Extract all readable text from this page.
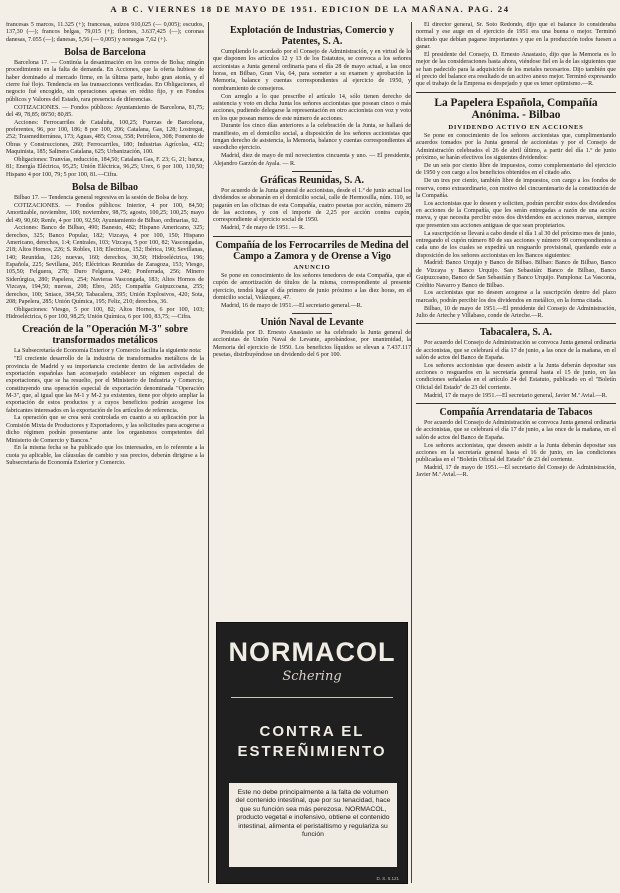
A B C. VIERNES 18 DE MAYO DE 1951. EDICION DE LA MAÑANA. PAG. 24

francesas 5 marcos, 11.325 (+); francesas, suizos 910,025 (— 0,005); escudos, 137,30 (—); francos belgas, 79,015 (+); florines, 3.637,425 (—); coronas danesas, 7.055 (—); danesas, 5,56 (— 0,005) y noruegas 7,62 (+).

Bolsa de Barcelona

Barcelona 17. — Continúa la desanimación en los corros de Bolsa; ningún procedimiento en la falta de demanda. En Acciones, que la oferta hubiese de haber dominado al mercado firme, en la última parte, hubo gran atonía, y el cierre fué flojo. Tendencia en las transacciones verificadas. En Obligaciones, el negocio fué encogido, sin operaciones apenas en rédito fijo, y en Fondos públicos y Valores del Estado, rara presencia de diferencias.

COTIZACIONES. — Fondos públicos: Ayuntamiento de Barcelona, 81,75; del 49, 78,85; 86'50; 80,85.

Acciones: Ferrocarriles de Cataluña, 100,25; Fuerzas de Barcelona, preferentes, 96, por 100, 186; 8 por 100, 206; Catalana, Gas, 128; Lostregat, 252; Trasmediterránea, 173; Aguas, 485; Cross, 558; Petróleos, 308; Fomento de Obras y Construcciones, 260; Ferrocarriles, 180; Industrias Agrícolas, 432; Maquinista, 185; Salinera Catalana, 625; Urbanización, 100.

Obligaciones: Tranvías, reducción, 184,50; Catalana Gas, F. 23; G, 21; banca, 81; Energía Eléctrica, 95,25; Unión Eléctrica, 96,25; Urex, 6 por 100, 110,50; Hispano 4 por 100, 79; 5 por 100, 81.—Cifra.

Bolsa de Bilbao

Bilbao 17. — Tendencia general regresiva en la sesión de Bolsa de hoy.

COTIZACIONES. — Fondos públicos: Interior, 4 por 100, 84,50; Amortizable, noviembre, 100; noviembre, 98,75; agosto, 100,25; 100,25; mayo del 49, 90,60; Renfe, 4 por 100, 92,50; Ayuntamiento de Bilbao, ordinarias, 92.

Acciones: Banco de Bilbao, 490; Banesto, 482; Hispano Americano, 325; derechos, 325; Banco Popular, 182; Vizcaya, 4 por 100, 150; Hispano Americano, derechos, 1:4; Centrales, 103; Vizcaya, 5 por 100, 82; Vascongadas, 218; Altos Hornos, 226; S. Robles, 118; Electricas, 152; Ibérica, 190; Sevillanas, 140; Reunidas, 126; nuevas, 160; derechos, 30,50; Hidroeléctrica, 196; Española, 225; Sevillana, 265; Eléctricas Reunidas de Zaragoza, 153; Viesgo, 105,50; Felguera, 278; Duro Felguera, 240; Ponferrada, 256; Minero Siderúrgica, 280; Papelera, 254; Navieras Vascongada, 183; Altos Hornos de Vizcaya, 194,50; nuevas, 208; Ebro, 265; Compañía Guipuzcoana, 255; derechos, 100; Sniace, 384,50; Tabacalera, 395; Unión Explosivos, 420; Sota, 208; Papelera, 285; Unión Química, 195; Feliz, 210; derechos, 36.

Obligaciones: Viesgo, 5 por 100, 82; Altos Hornos, 6 por 100, 103; Hidroeléctrica, 6 por 100, 98,25; Unión Química, 6 por 100, 83,75; —Cifra.

Creación de la "Operación M-3" sobre transformados metálicos

La Subsecretaría de Economía Exterior y Comercio facilita la siguiente nota:

"El creciente desarrollo de la industria de transformados metálicos de la provincia de Madrid y su importancia creciente dentro de las actividades de exportación españolas han aconsejado establecer un régimen especial de exportaciones, que se ha resuelto, por el Ministerio de Industria y Comercio, constituyendo una operación especial de exportación denominada "Operación M-3", que, al igual que las M-1 y M-2 ya existentes, tiene por objeto ampliar la exportación de estos productos y a cuyos beneficios podrán acogerse los fabricantes interesados en la exportación de los artículos de referencia.

La operación que se crea será controlada en cuanto a su aplicación por la Comisión Mixta de Productores y Exportadores, y las solicitudes para acogerse a dicho régimen podrán presentarse ante los organismos competentes del Ministerio de Comercio y Bancos."

En la misma fecha se ha publicado que los interesados, en lo referente a la cuota ya aplicable, las cláusulas de cambio y sus precios, deberán dirigirse a la Subsecretaría de Economía Exterior y Comercio.

Explotación de Industrias, Comercio y Patentes, S. A.

Cumpliendo lo acordado por el Consejo de Administración, y en virtud de lo que disponen los artículos 12 y 13 de los Estatutos, se convoca a los señores accionistas a Junta general ordinaria para el día 28 de mayo actual, a las once horas, en Bilbao, Gran Vía, 64, para someter a su examen y aprobación la Memoria, balance y cuentas correspondientes al ejercicio de 1950, y nombramiento de consejeros.

Con arreglo a lo que prescribe el artículo 14, sólo tienen derecho de asistencia y voto en dicha Junta los señores accionistas que posean cinco o más acciones, pudiendo delegarse la representación en otro accionista con voz y voto en los que posean menos de este número de acciones.

Durante los cinco días anteriores a la celebración de la Junta, se hallará de manifiesto, en el domicilio social, a disposición de los señores accionistas que tengan derecho de asistencia, la Memoria, balance y cuentas correspondientes al susodicho ejercicio.

Madrid, diez de mayo de mil novecientos cincuenta y uno. — El presidente, Alejandro Garzón de Ayala. — R.

Gráficas Reunidas, S. A.

Por acuerdo de la Junta general de accionistas, desde el 1.º de junio actual los dividendos se abonarán en el domicilio social, calle de Hermosilla, núm. 110, se pagarán en las oficinas de esta Compañía, cuatro pesetas por acción, número 28 de las acciones, y con el importe de 2,25 por acción contra cupón, correspondiente al ejercicio social de 1950.

Madrid, 7 de mayo de 1951. — R.

Compañía de los Ferrocarriles de Medina del Campo a Zamora y de Orense a Vigo
ANUNCIO

Se pone en conocimiento de los señores tenedores de esta Compañía, que el cupón de amortización de títulos de la misma, correspondiente al presente ejercicio, tendrá lugar el día primero de junio próximo a las diez horas, en el domicilio social, Velázquez, 47.

Madrid, 16 de mayo de 1951.—El secretario general.—R.

Unión Naval de Levante

Presidida por D. Ernesto Anastasio se ha celebrado la Junta general de accionistas de Unión Naval de Levante, aprobándose, por unanimidad, la Memoria del ejercicio de 1950. Los beneficios líquidos se elevan a 7.437.117 pesetas, distribuyéndose un dividendo del 6 por 100.

NORMACOL
Schering
CONTRA EL
ESTREÑIMIENTO
Este no debe principalmente a la falta de volumen del contenido intestinal, que por su tenacidad, hace que su función sea más perezosa. NORMACOL, producto vegetal e inofensivo, obtiene el contenido intestinal, alimenta el peristaltismo y regulariza su función
D. S. 5.121

El director general, Sr. Soto Redondo, dijo que el balance lo consideraba normal y ese auge en el ejercicio de 1951 era una buena o mejor. Terminó diciendo que debían pagarse importantes y que en la producción todos fuesen a ganar.

El presidente del Consejo, D. Ernesto Anastasio, dijo que la Memoria es lo mejor de las consideraciones hasta ahora, viéndose fiel en la de las siguientes que se han padecido para la adquisición de los metales necesarios. Dijo también que el precio del balance era resultado de un activo anexo mejor. Terminó expresando que el trabajo de la Empresa es despejado y que es tener optimismo.—R.

La Papelera Española, Compañía Anónima. - Bilbao
DIVIDENDO ACTIVO EN ACCIONES

Se pone en conocimiento de los señores accionistas que, cumplimentando acuerdos tomados por la Junta general de accionistas y por el Consejo de Administración celebrados el 26 de abril último, a partir del día 1.º de junio próximo, se harán efectivos los siguientes dividendos:

De un seis por ciento libre de impuestos, como complementario del ejercicio de 1950 y con cargo a los beneficios obtenidos en el citado año.

De un tres por ciento, también libre de impuestos, con cargo a los fondos de reserva, como extraordinario, con motivo del cincuentenario de la constitución de la Compañía.

Los accionistas que lo deseen y soliciten, podrán percibir estos dos dividendos en acciones de la Compañía, que les serán entregadas a razón de una acción nueva, y que necesita percibir estos dos dividendos en acciones nuevas, siempre que presenten sus acciones antiguas de que sean propietarios.

La suscripción se llevará a cabo desde el día 1 al 30 del próximo mes de junio, entregando el cupón número 80 de sus acciones y número 99 correspondientes a cada uno de los cuales se expedirá un resguardo provisional, quedando este a disposición de los señores accionistas en los Bancos siguientes:

Madrid: Banco Urquijo y Banco de Bilbao. Bilbao: Banco de Bilbao, Banco de Vizcaya y Banco Urquijo. San Sebastián: Banco de Bilbao, Banco Guipuzcoano, Banco de San Sebastián y Banco Urquijo. Pamplona: La Vasconia, Crédito Navarro y Banco de Bilbao.

Los accionistas que no deseen acogerse a la suscripción dentro del plazo marcado, podrán percibir los dos dividendos en metálico, en la forma citada.

Bilbao, 10 de mayo de 1951.—El presidente del Consejo de Administración, Julio de Arteche y Villabaso, conde de Arteche.—R.

Tabacalera, S. A.

Por acuerdo del Consejo de Administración se convoca Junta general ordinaria de accionistas, que se celebrará el día 17 de junio, a las once de la mañana, en el salón de actos del Banco de España.

Los señores accionistas que deseen asistir a la Junta deberán depositar sus acciones o resguardos en la secretaría general hasta el 15 de junio, en las condiciones señaladas en el artículo 24 del Estatuto, publicado en el "Boletín Oficial del Estado" de 23 del corriente.

Madrid, 17 de mayo de 1951.—El secretario general, Javier M.ª Avial.—R.

Compañía Arrendataria de Tabacos

Por acuerdo del Consejo de Administración se convoca Junta general ordinaria de accionistas, que se celebrará el día 17 de junio, a las once de la mañana, en el salón de actos del Banco de España.

Los señores accionistas, que deseen asistir a la Junta deberán depositar sus acciones en la secretaría general hasta el 16 de junio, en las condiciones publicadas en el "Boletín Oficial del Estado" de 23 del corriente.

Madrid, 17 de mayo de 1951.—El secretario del Consejo de Administración, Javier M.ª Avial.—R.
